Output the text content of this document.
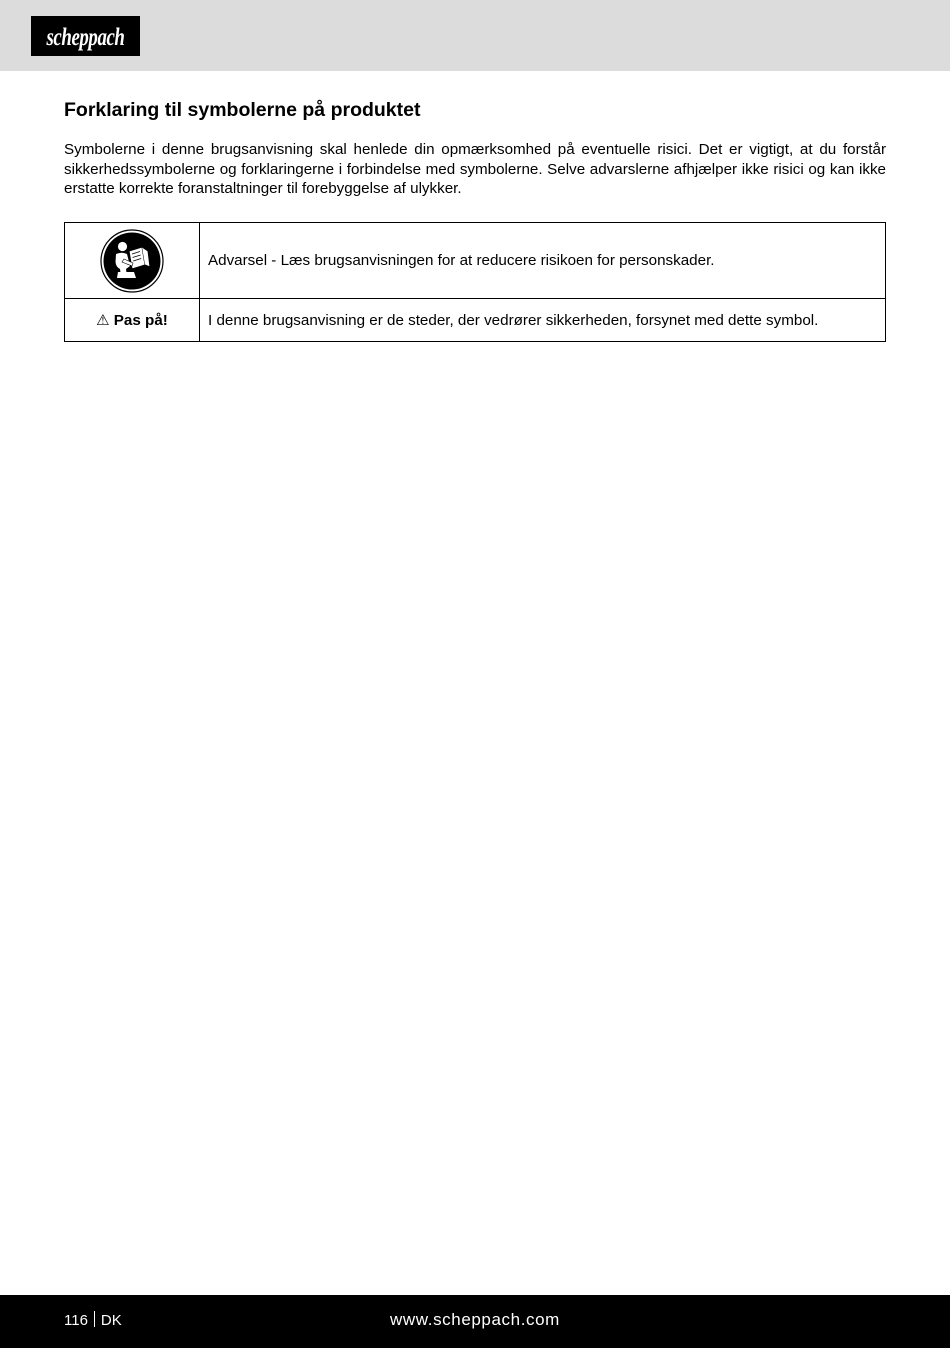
scheppach
Forklaring til symbolerne på produktet

Symbolerne i denne brugsanvisning skal henlede din opmærksomhed på eventuelle risici. Det er vigtigt, at du forstår sikkerhedssymbolerne og forklaringerne i forbindelse med symbolerne. Selve advarslerne afhjælper ikke risici og kan ikke erstatte korrekte foranstaltninger til forebyggelse af ulykker.

	Advarsel - Læs brugsanvisningen for at reducere risikoen for personskader.
⚠ Pas på!	I denne brugsanvisning er de steder, der vedrører sikkerheden, forsynet med dette symbol.
116 DK	www.scheppach.com
